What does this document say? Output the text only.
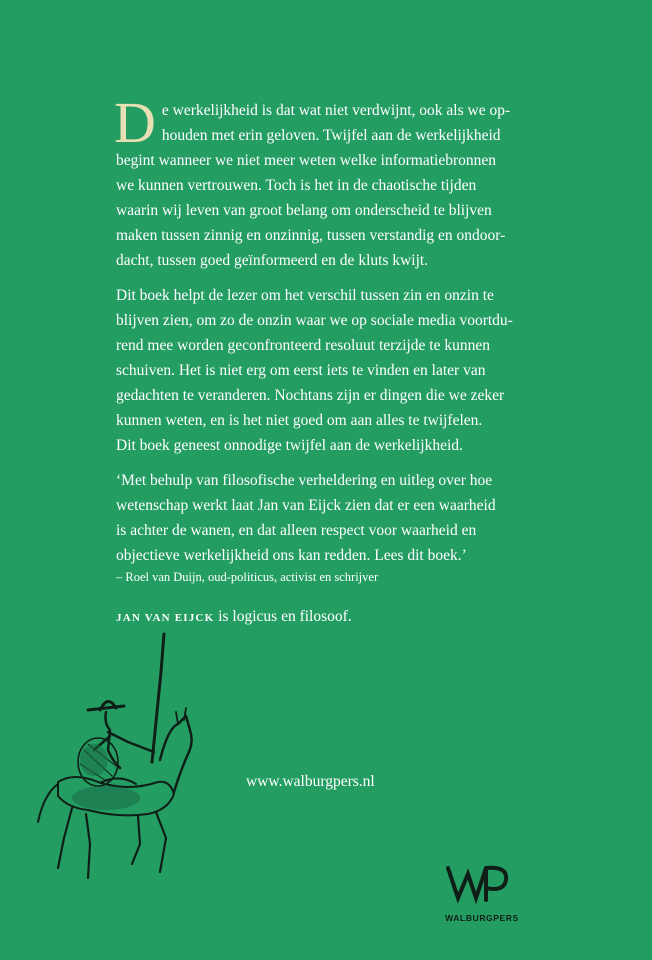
D e werkelijkheid is dat wat niet verdwijnt, ook als we op-
houden met erin geloven. Twijfel aan de werkelijkheid
begint wanneer we niet meer weten welke informatiebronnen
we kunnen vertrouwen. Toch is het in de chaotische tijden
waarin wij leven van groot belang om onderscheid te blijven
maken tussen zinnig en onzinnig, tussen verstandig en ondoor-
dacht, tussen goed geïnformeerd en de kluts kwijt.
Dit boek helpt de lezer om het verschil tussen zin en onzin te
blijven zien, om zo de onzin waar we op sociale media voortdu-
rend mee worden geconfronteerd resoluut terzijde te kunnen
schuiven. Het is niet erg om eerst iets te vinden en later van
gedachten te veranderen. Nochtans zijn er dingen die we zeker
kunnen weten, en is het niet goed om aan alles te twijfelen.
Dit boek geneest onnodige twijfel aan de werkelijkheid.
‘Met behulp van filosofische verheldering en uitleg over hoe
wetenschap werkt laat Jan van Eijck zien dat er een waarheid
is achter de wanen, en dat alleen respect voor waarheid en
objectieve werkelijkheid ons kan redden. Lees dit boek.’
– Roel van Duijn, oud-politicus, activist en schrijver
JAN VAN EIJCK is logicus en filosoof.
www.walburgpers.nl
WALBURGPERS
